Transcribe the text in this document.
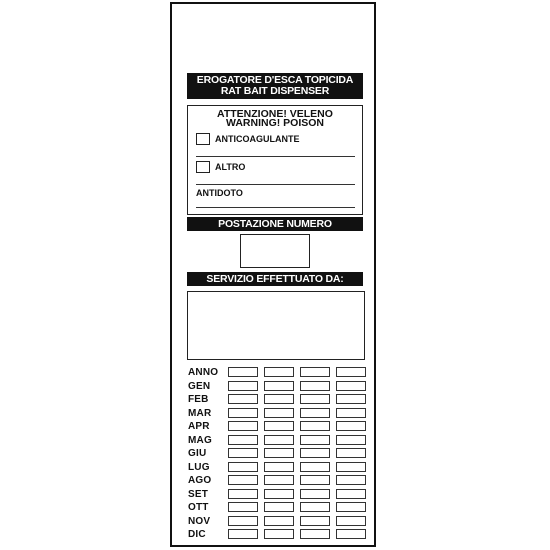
EROGATORE D'ESCA TOPICIDA
RAT BAIT DISPENSER
ATTENZIONE! VELENO
WARNING! POISON
ANTICOAGULANTE
ALTRO
ANTIDOTO
POSTAZIONE NUMERO
SERVIZIO EFFETTUATO DA:
ANNO
GEN
FEB
MAR
APR
MAG
GIU
LUG
AGO
SET
OTT
NOV
DIC
